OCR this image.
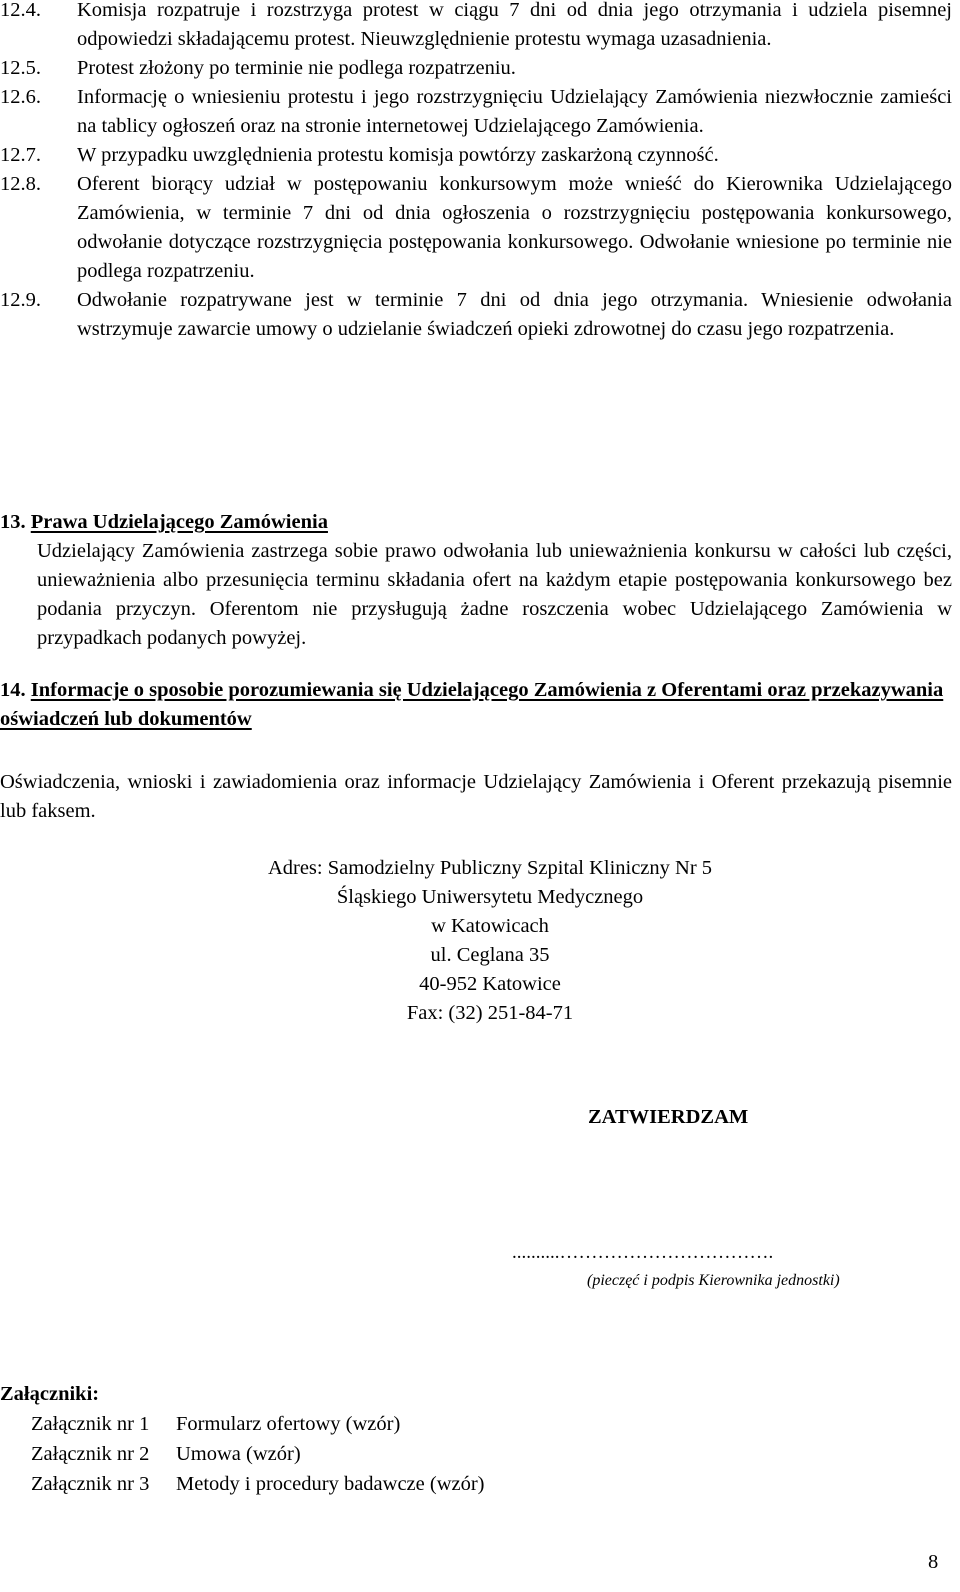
12.4. Komisja rozpatruje i rozstrzyga protest w ciągu 7 dni od dnia jego otrzymania i udziela pisemnej odpowiedzi składającemu protest. Nieuwzględnienie protestu wymaga uzasadnienia.
12.5. Protest złożony po terminie nie podlega rozpatrzeniu.
12.6. Informację o wniesieniu protestu i jego rozstrzygnięciu Udzielający Zamówienia niezwłocznie zamieści na tablicy ogłoszeń oraz na stronie internetowej Udzielającego Zamówienia.
12.7. W przypadku uwzględnienia protestu komisja powtórzy zaskarżoną czynność.
12.8. Oferent biorący udział w postępowaniu konkursowym może wnieść do Kierownika Udzielającego Zamówienia, w terminie 7 dni od dnia ogłoszenia o rozstrzygnięciu postępowania konkursowego, odwołanie dotyczące rozstrzygnięcia postępowania konkursowego. Odwołanie wniesione po terminie nie podlega rozpatrzeniu.
12.9. Odwołanie rozpatrywane jest w terminie 7 dni od dnia jego otrzymania. Wniesienie odwołania wstrzymuje zawarcie umowy o udzielanie świadczeń opieki zdrowotnej do czasu jego rozpatrzenia.
13. Prawa Udzielającego Zamówienia
Udzielający Zamówienia zastrzega sobie prawo odwołania lub unieważnienia konkursu w całości lub części, unieważnienia albo przesunięcia terminu składania ofert na każdym etapie postępowania konkursowego bez podania przyczyn. Oferentom nie przysługują żadne roszczenia wobec Udzielającego Zamówienia w przypadkach podanych powyżej.
14. Informacje o sposobie porozumiewania się Udzielającego Zamówienia z Oferentami oraz przekazywania oświadczeń lub dokumentów
Oświadczenia, wnioski i zawiadomienia oraz informacje Udzielający Zamówienia i Oferent przekazują pisemnie lub faksem.
Adres: Samodzielny Publiczny Szpital Kliniczny Nr 5
Śląskiego Uniwersytetu Medycznego
w Katowicach
ul. Ceglana 35
40-952 Katowice
Fax: (32) 251-84-71
ZATWIERDZAM
..........…………………………….
(pieczęć i podpis Kierownika jednostki)
Załączniki:
Załącznik nr 1	Formularz ofertowy (wzór)
Załącznik nr 2	Umowa (wzór)
Załącznik nr 3	Metody i procedury badawcze (wzór)
8
